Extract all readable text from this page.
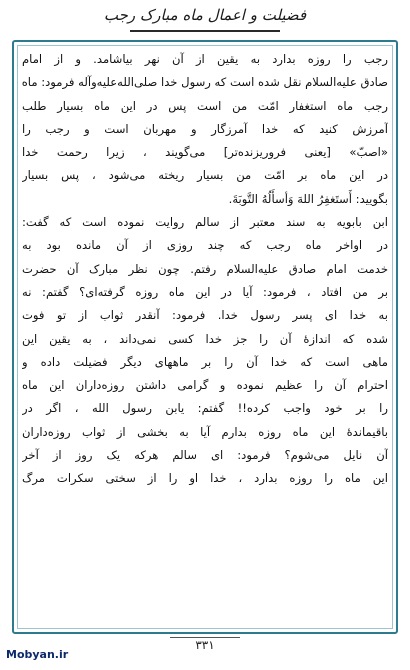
فضیلت و اعمال ماه مبارک رجب
رجب را روزه بدارد به یقین از آن نهر بیاشامد. و از امام
صادق علیه‌السلام نقل شده است که رسول خدا صلی‌الله‌علیه‌وآله فرمود: ماه
رجب ماه استغفار امّت من است پس در این ماه بسیار طلب
آمرزش کنید که خدا آمرزگار و مهربان است و رجب را
«اصبّ» [یعنی فروریزنده‌تر] می‌گویند ، زیرا رحمت خدا
در این ماه بر امّت من بسیار ریخته می‌شود ، پس بسیار
بگویید: أَستَغفِرُ اللهَ وَأسأَلُهُ التَّوبَةَ.
ابن بابویه به سند معتبر از سالم روایت نموده است که گفت:
در اواخر ماه رجب که چند روزی از آن مانده بود به
خدمت امام صادق علیه‌السلام رفتم. چون نظر مبارک آن حضرت
بر من افتاد ، فرمود: آیا در این ماه روزه گرفته‌ای؟ گفتم: نه
به خدا ای پسر رسول خدا. فرمود: آنقدر ثواب از تو فوت
شده که اندازهٔ آن را جز خدا کسی نمی‌داند ، به یقین این
ماهی است که خدا آن را بر ماههای دیگر فضیلت داده و
احترام آن را عظیم نموده و گرامی داشتن روزه‌داران این ماه
را بر خود واجب کرده‌!! گفتم: یابن رسول الله ، اگر در
باقیماندهٔ این ماه روزه بدارم آیا به بخشی از ثواب روزه‌داران
آن نایل می‌شوم؟ فرمود: ای سالم هرکه یک روز از آخر
این ماه را روزه بدارد ، خدا او را از سختی سکرات مرگ
۳۳۱
Mobyan.ir
